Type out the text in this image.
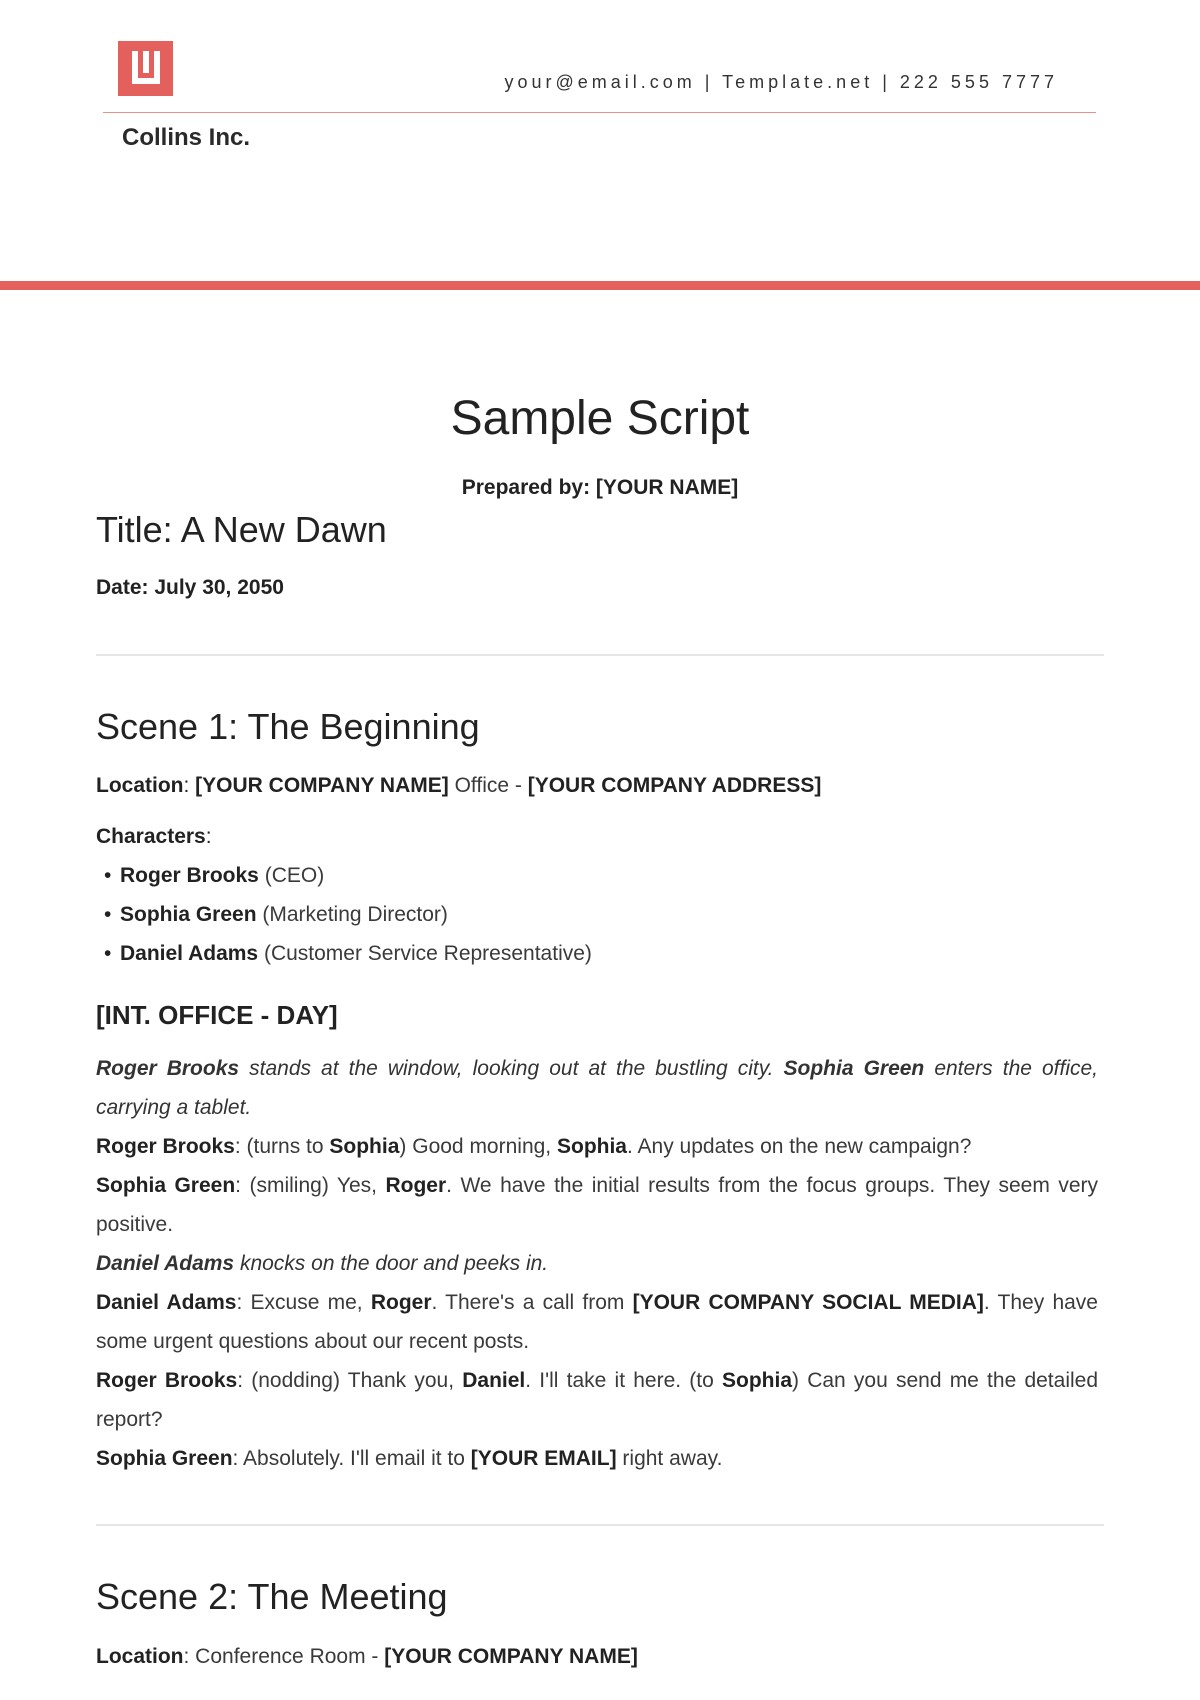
your@email.com | Template.net | 222 555 7777
Collins Inc.
Sample Script
Prepared by: [YOUR NAME]
Title: A New Dawn
Date: July 30, 2050
Scene 1: The Beginning
Location: [YOUR COMPANY NAME] Office - [YOUR COMPANY ADDRESS]
Characters:
• Roger Brooks (CEO)
• Sophia Green (Marketing Director)
• Daniel Adams (Customer Service Representative)
[INT. OFFICE - DAY]
Roger Brooks stands at the window, looking out at the bustling city. Sophia Green enters the office, carrying a tablet.
Roger Brooks: (turns to Sophia) Good morning, Sophia. Any updates on the new campaign?
Sophia Green: (smiling) Yes, Roger. We have the initial results from the focus groups. They seem very positive.
Daniel Adams knocks on the door and peeks in.
Daniel Adams: Excuse me, Roger. There's a call from [YOUR COMPANY SOCIAL MEDIA]. They have some urgent questions about our recent posts.
Roger Brooks: (nodding) Thank you, Daniel. I'll take it here. (to Sophia) Can you send me the detailed report?
Sophia Green: Absolutely. I'll email it to [YOUR EMAIL] right away.
Scene 2: The Meeting
Location: Conference Room - [YOUR COMPANY NAME]
